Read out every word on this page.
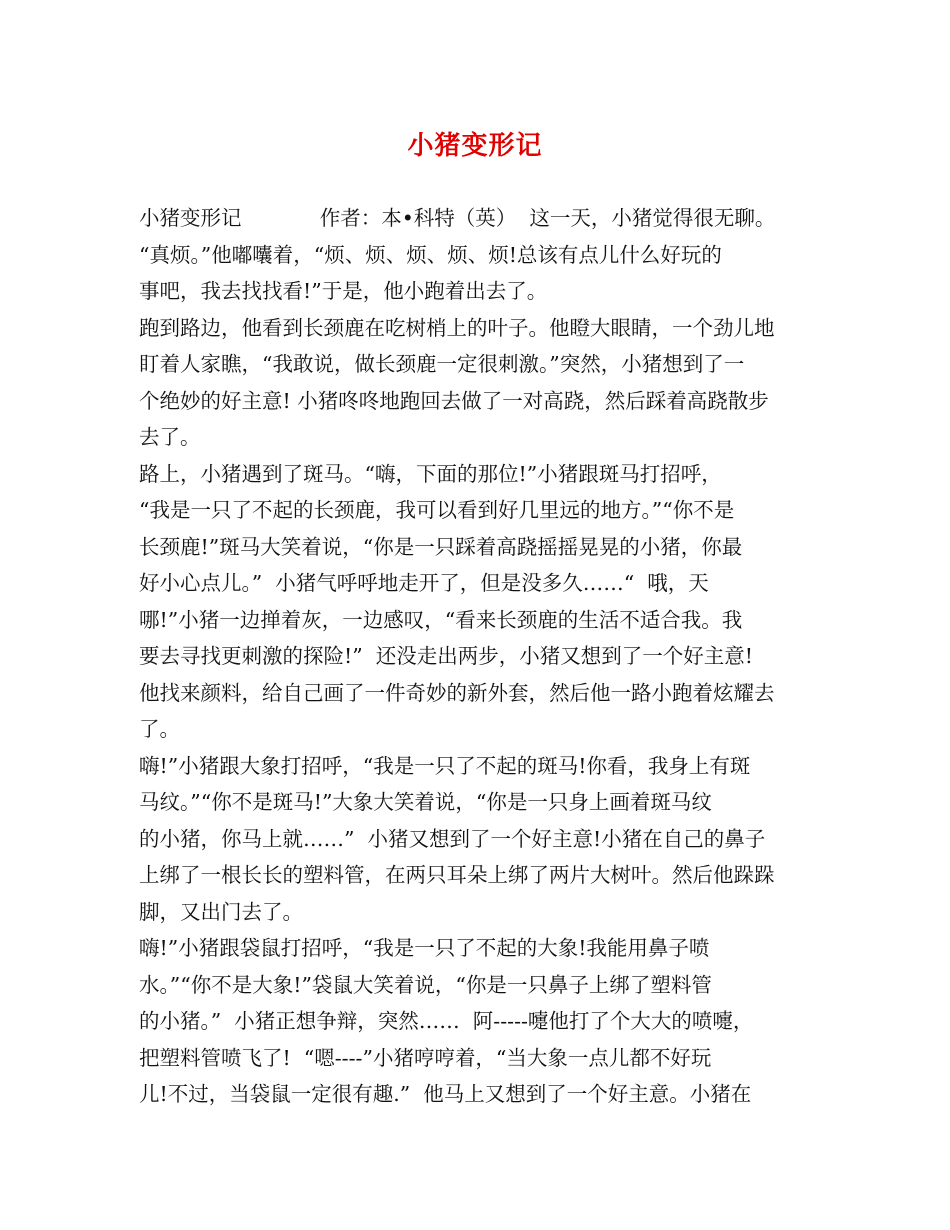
小猪变形记
小猪变形记            作者：本•科特（英）  这一天，小猪觉得很无聊。
“真烦。”他嘟囔着，“烦、烦、烦、烦、烦!总该有点儿什么好玩的
事吧，我去找找看!”于是，他小跑着出去了。
跑到路边，他看到长颈鹿在吃树梢上的叶子。他瞪大眼睛，一个劲儿地
盯着人家瞧，“我敢说，做长颈鹿一定很刺激。”突然，小猪想到了一
个绝妙的好主意! 小猪咚咚地跑回去做了一对高跷，然后踩着高跷散步
去了。
路上，小猪遇到了斑马。“嗨，下面的那位!”小猪跟斑马打招呼，
“我是一只了不起的长颈鹿，我可以看到好几里远的地方。”“你不是
长颈鹿!”斑马大笑着说，“你是一只踩着高跷摇摇晃晃的小猪，你最
好小心点儿。”  小猪气呼呼地走开了，但是没多久……“  哦，天
哪!”小猪一边掸着灰，一边感叹，“看来长颈鹿的生活不适合我。我
要去寻找更刺激的探险!”  还没走出两步，小猪又想到了一个好主意!
他找来颜料，给自己画了一件奇妙的新外套，然后他一路小跑着炫耀去
了。
嗨!”小猪跟大象打招呼，“我是一只了不起的斑马!你看，我身上有斑
马纹。”“你不是斑马!”大象大笑着说，“你是一只身上画着斑马纹
的小猪，你马上就……”  小猪又想到了一个好主意!小猪在自己的鼻子
上绑了一根长长的塑料管，在两只耳朵上绑了两片大树叶。然后他跺跺
脚，又出门去了。
嗨!”小猪跟袋鼠打招呼，“我是一只了不起的大象!我能用鼻子喷
水。”“你不是大象!”袋鼠大笑着说，“你是一只鼻子上绑了塑料管
的小猪。”  小猪正想争辩，突然……  阿-----嚏他打了个大大的喷嚏，
把塑料管喷飞了!  “嗯----”小猪哼哼着，“当大象一点儿都不好玩
儿!不过，当袋鼠一定很有趣.”  他马上又想到了一个好主意。小猪在
